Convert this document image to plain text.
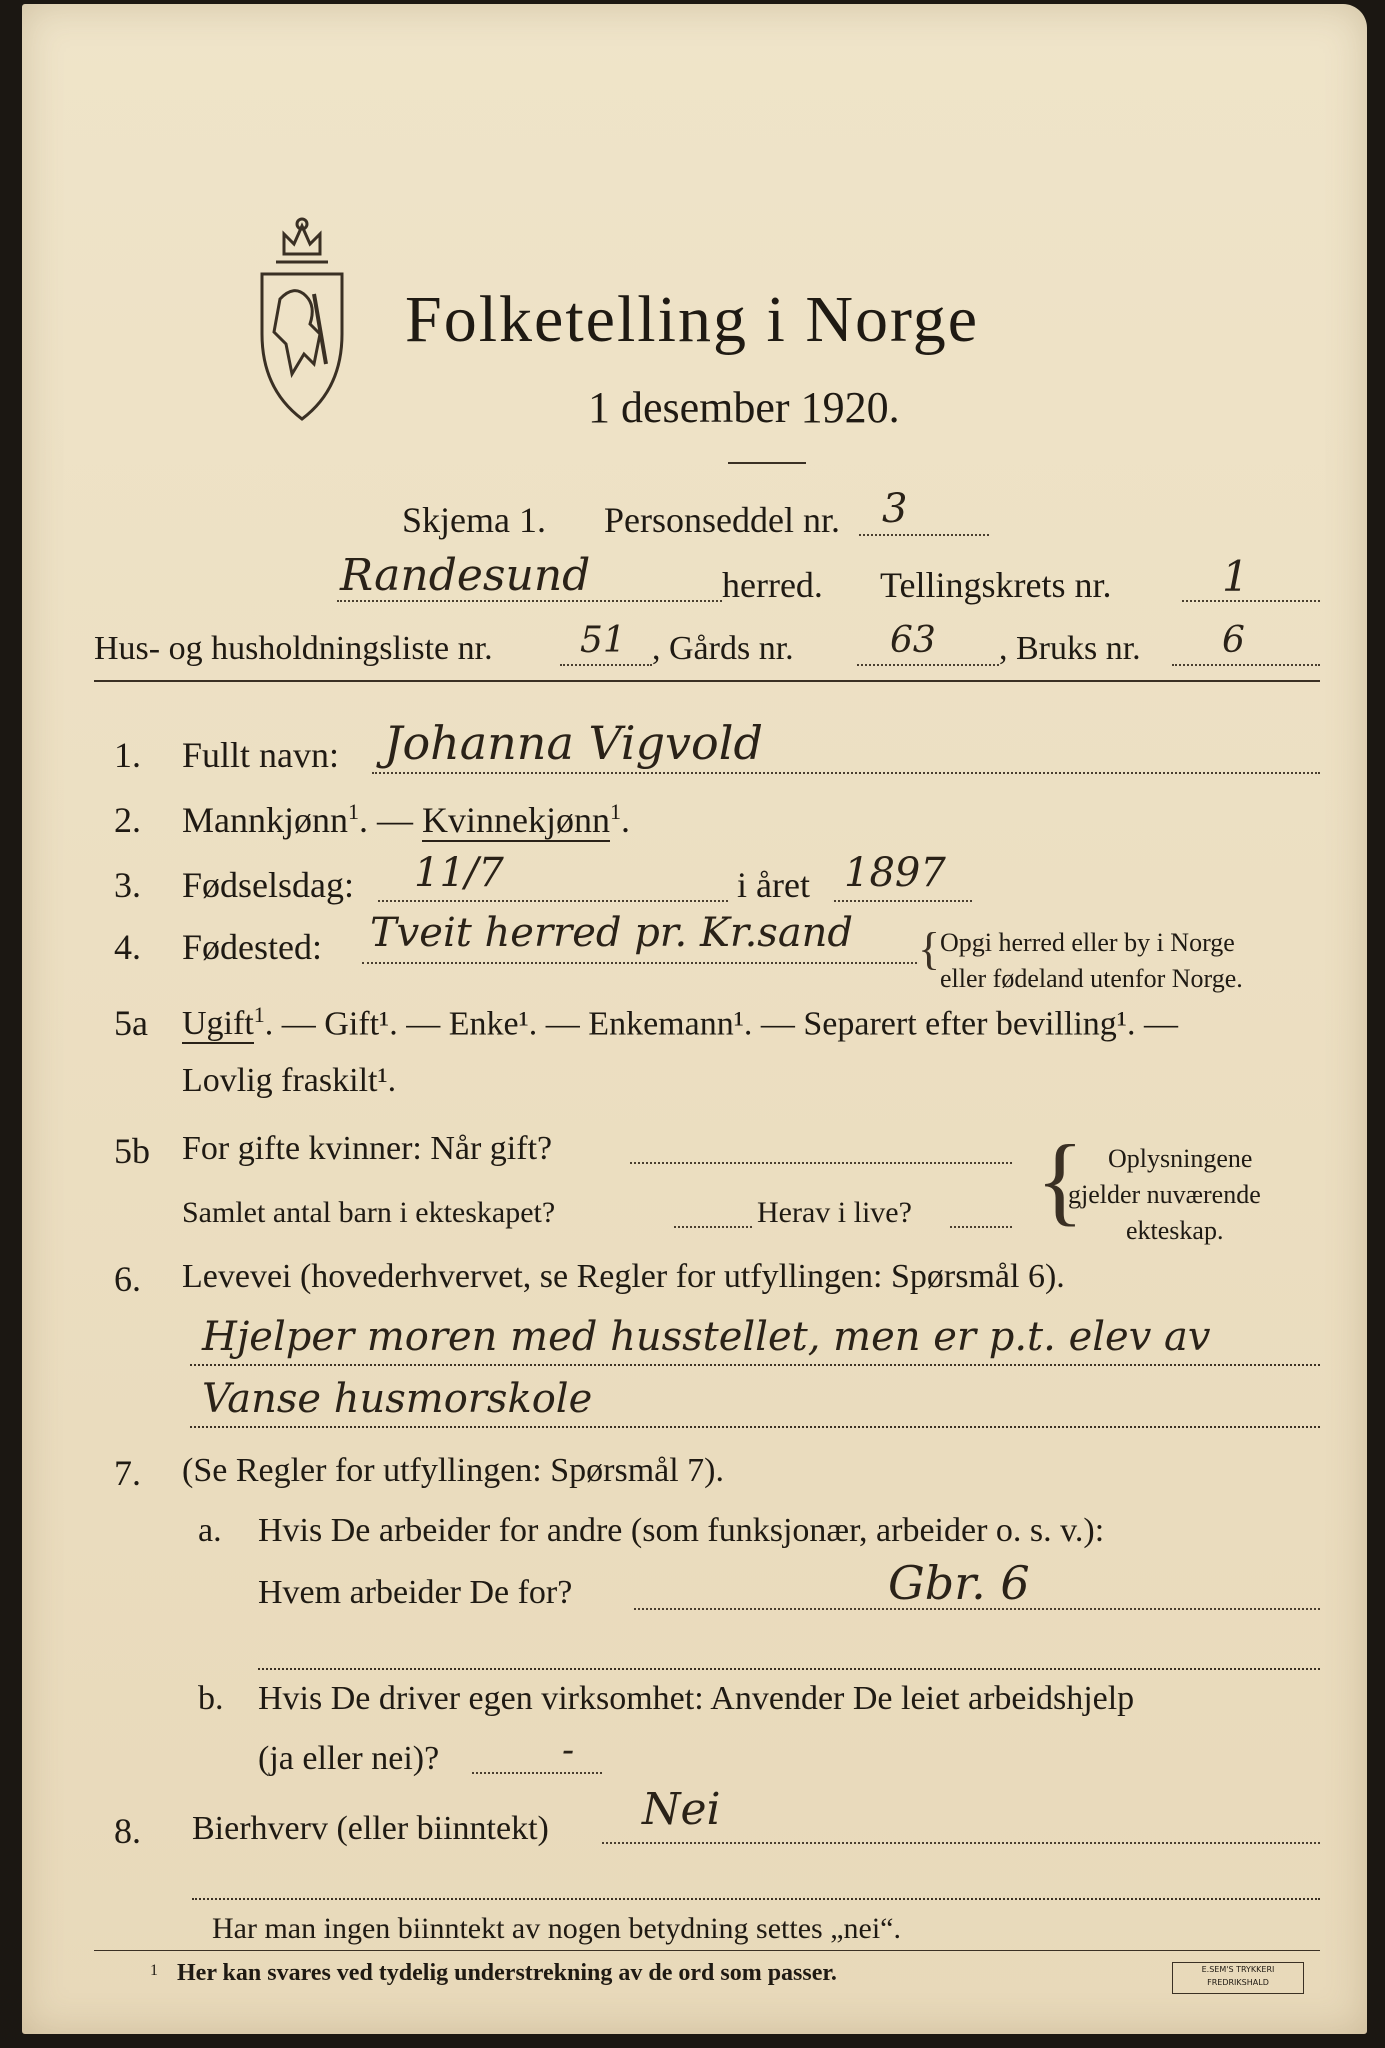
Folketelling i Norge
1 desember 1920.
Skjema 1. Personseddel nr. 3
Randesund	herred. Tellingskrets nr.	1
Hus- og husholdningsliste nr. 51 , Gårds nr.	63 , Bruks nr. 6
1. Fullt navn: Johanna Vigvold
2. Mannkjønn$^1$. — Kvinnekjønn$^1$.
3. Fødselsdag: 11/7	i året 1897
4. Fødested: Tveit herred pr. Kr.sand { Opgi herred eller by i Norge
eller fødeland utenfor Norge.
5a Ugift$^1$. — Gift¹. — Enke¹. — Enkemann¹. — Separert efter bevilling¹. —
Lovlig fraskilt¹.
5b For gifte kvinner: Når gift?
Samlet antal barn i ekteskapet?	Herav i live? { Oplysningene
gjelder nuværende
ekteskap.
6. Levevei (hovederhvervet, se Regler for utfyllingen: Spørsmål 6).
Hjelper moren med husstellet, men er p.t. elev av
Vanse husmorskole
7. (Se Regler for utfyllingen: Spørsmål 7).
a. Hvis De arbeider for andre (som funksjonær, arbeider o. s. v.):
Hvem arbeider De for?	Gbr. 6
b. Hvis De driver egen virksomhet: Anvender De leiet arbeidshjelp
(ja eller nei)?	-
8. Bierhverv (eller biinntekt) Nei
Har man ingen biinntekt av nogen betydning settes „nei“.
1 Her kan svares ved tydelig understrekning av de ord som passer.	E.SEM'S TRYKKERI
FREDRIKSHALD
